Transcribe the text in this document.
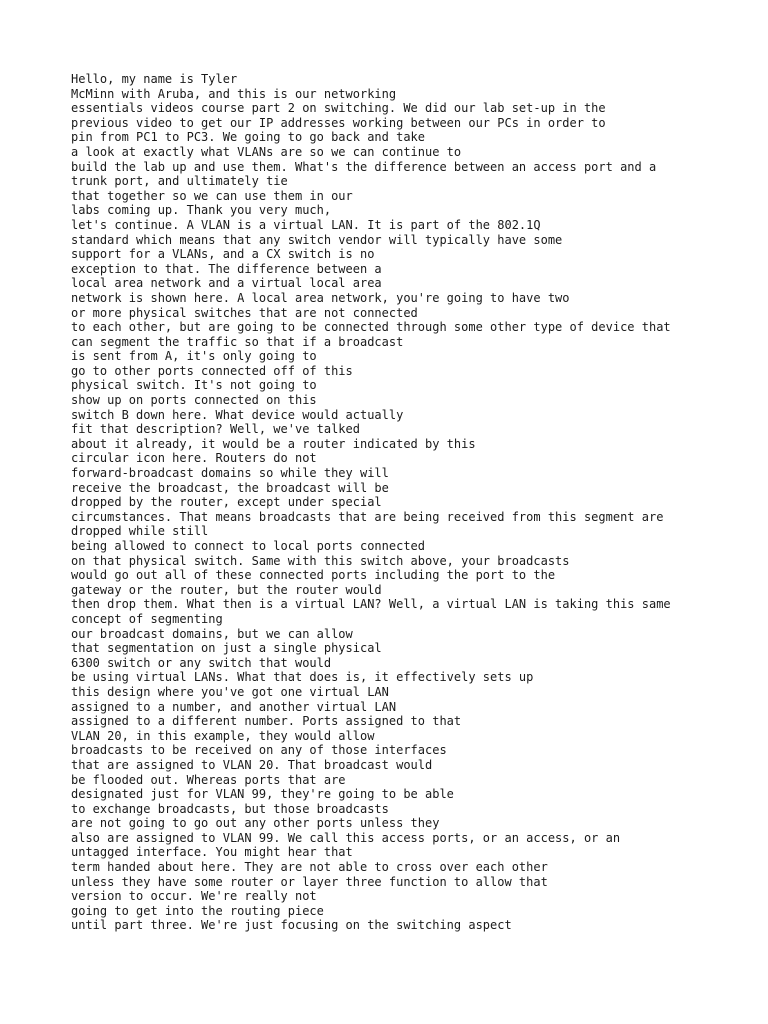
Hello, my name is Tyler
McMinn with Aruba, and this is our networking
essentials videos course part 2 on switching. We did our lab set-up in the
previous video to get our IP addresses working between our PCs in order to
pin from PC1 to PC3. We going to go back and take
a look at exactly what VLANs are so we can continue to
build the lab up and use them. What's the difference between an access port and a
trunk port, and ultimately tie
that together so we can use them in our
labs coming up. Thank you very much,
let's continue. A VLAN is a virtual LAN. It is part of the 802.1Q
standard which means that any switch vendor will typically have some
support for a VLANs, and a CX switch is no
exception to that. The difference between a
local area network and a virtual local area
network is shown here. A local area network, you're going to have two
or more physical switches that are not connected
to each other, but are going to be connected through some other type of device that
can segment the traffic so that if a broadcast
is sent from A, it's only going to
go to other ports connected off of this
physical switch. It's not going to
show up on ports connected on this
switch B down here. What device would actually
fit that description? Well, we've talked
about it already, it would be a router indicated by this
circular icon here. Routers do not
forward-broadcast domains so while they will
receive the broadcast, the broadcast will be
dropped by the router, except under special
circumstances. That means broadcasts that are being received from this segment are
dropped while still
being allowed to connect to local ports connected
on that physical switch. Same with this switch above, your broadcasts
would go out all of these connected ports including the port to the
gateway or the router, but the router would
then drop them. What then is a virtual LAN? Well, a virtual LAN is taking this same
concept of segmenting
our broadcast domains, but we can allow
that segmentation on just a single physical
6300 switch or any switch that would
be using virtual LANs. What that does is, it effectively sets up
this design where you've got one virtual LAN
assigned to a number, and another virtual LAN
assigned to a different number. Ports assigned to that
VLAN 20, in this example, they would allow
broadcasts to be received on any of those interfaces
that are assigned to VLAN 20. That broadcast would
be flooded out. Whereas ports that are
designated just for VLAN 99, they're going to be able
to exchange broadcasts, but those broadcasts
are not going to go out any other ports unless they
also are assigned to VLAN 99. We call this access ports, or an access, or an
untagged interface. You might hear that
term handed about here. They are not able to cross over each other
unless they have some router or layer three function to allow that
version to occur. We're really not
going to get into the routing piece
until part three. We're just focusing on the switching aspect
